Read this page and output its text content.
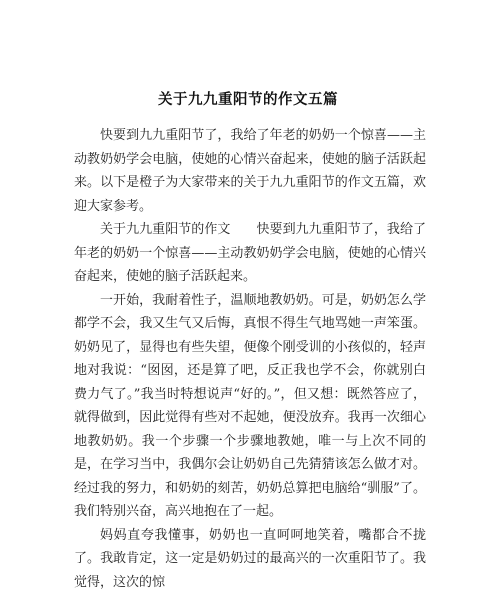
关于九九重阳节的作文五篇

快要到九九重阳节了，我给了年老的奶奶一个惊喜——主动教奶奶学会电脑，使她的心情兴奋起来，使她的脑子活跃起来。以下是橙子为大家带来的关于九九重阳节的作文五篇，欢迎大家参考。

关于九九重阳节的作文　　快要到九九重阳节了，我给了年老的奶奶一个惊喜——主动教奶奶学会电脑，使她的心情兴奋起来，使她的脑子活跃起来。

一开始，我耐着性子，温顺地教奶奶。可是，奶奶怎么学都学不会，我又生气又后悔，真恨不得生气地骂她一声笨蛋。奶奶见了，显得也有些失望，便像个刚受训的小孩似的，轻声地对我说：“囡囡，还是算了吧，反正我也学不会，你就别白费力气了。”我当时特想说声“好的。”，但又想：既然答应了，就得做到，因此觉得有些对不起她，便没放弃。我再一次细心地教奶奶。我一个步骤一个步骤地教她，唯一与上次不同的是，在学习当中，我偶尔会让奶奶自己先猜猜该怎么做才对。经过我的努力，和奶奶的刻苦，奶奶总算把电脑给“驯服”了。我们特别兴奋，高兴地抱在了一起。

妈妈直夸我懂事，奶奶也一直呵呵地笑着，嘴都合不拢了。我敢肯定，这一定是奶奶过的最高兴的一次重阳节了。我觉得，这次的惊
